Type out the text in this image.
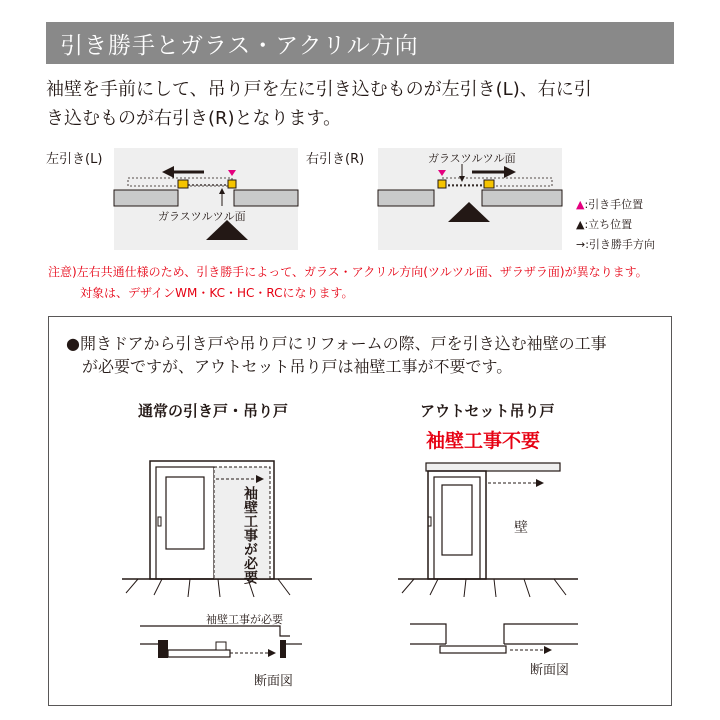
引き勝手とガラス・アクリル方向
袖壁を手前にして、吊り戸を左に引き込むものが左引き(L)、右に引
き込むものが右引き(R)となります。
左引き(L)
ガラスツルツル面
右引き(R)	ガラスツルツル面
▲:引き手位置
▲:立ち位置
→:引き勝手方向
注意)左右共通仕様のため、引き勝手によって、ガラス・アクリル方向(ツルツル面、ザラザラ面)が異なります。
対象は、デザインWM・KC・HC・RCになります。
●開きドアから引き戸や吊り戸にリフォームの際、戸を引き込む袖壁の工事
が必要ですが、アウトセット吊り戸は袖壁工事が不要です。
通常の引き戸・吊り戸	アウトセット吊り戸
袖壁工事不要
袖壁工事が必要	壁
袖壁工事が必要
断面図
断面図
